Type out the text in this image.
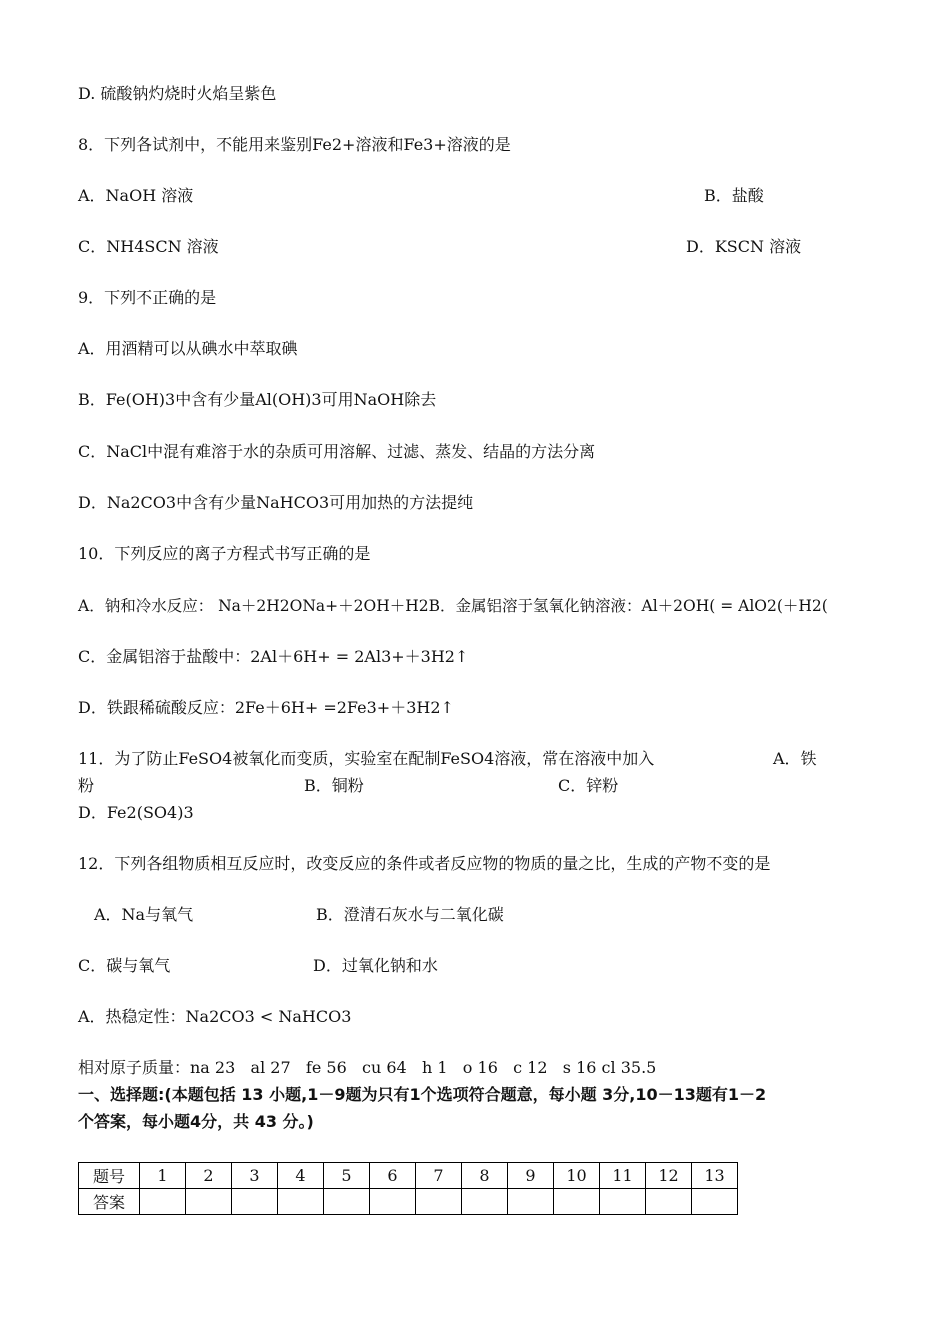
D. 硫酸钠灼烧时火焰呈紫色
8．下列各试剂中，不能用来鉴别Fe2+溶液和Fe3+溶液的是
A．NaOH 溶液	B．盐酸
C．NH4SCN 溶液	D．KSCN 溶液
9．下列不正确的是
A．用酒精可以从碘水中萃取碘
B．Fe(OH)3中含有少量Al(OH)3可用NaOH除去
C．NaCl中混有难溶于水的杂质可用溶解、过滤、蒸发、结晶的方法分离
D．Na2CO3中含有少量NaHCO3可用加热的方法提纯
10．下列反应的离子方程式书写正确的是
A．钠和冷水反应： Na＋2H2ONa+＋2OH＋H2B．金属铝溶于氢氧化钠溶液：Al＋2OH( = AlO2(＋H2(
C．金属铝溶于盐酸中：2Al＋6H+ = 2Al3+＋3H2↑
D．铁跟稀硫酸反应：2Fe＋6H+ =2Fe3+＋3H2↑
11．为了防止FeSO4被氧化而变质，实验室在配制FeSO4溶液，常在溶液中加入	A．铁
粉	B．铜粉	C．锌粉
D．Fe2(SO4)3
12．下列各组物质相互反应时，改变反应的条件或者反应物的物质的量之比，生成的产物不变的是
A．Na与氧气	B．澄清石灰水与二氧化碳
C．碳与氧气	D．过氧化钠和水
A．热稳定性：Na2CO3 < NaHCO3
相对原子质量：na 23   al 27   fe 56   cu 64   h 1   o 16   c 12   s 16 cl 35.5
一、选择题:(本题包括 13 小题,1－9题为只有1个选项符合题意，每小题 3分,10－13题有1－2
个答案，每小题4分，共 43 分。)
题号	1	2	3	4	5	6	7	8	9	10	11	12	13
答案													
